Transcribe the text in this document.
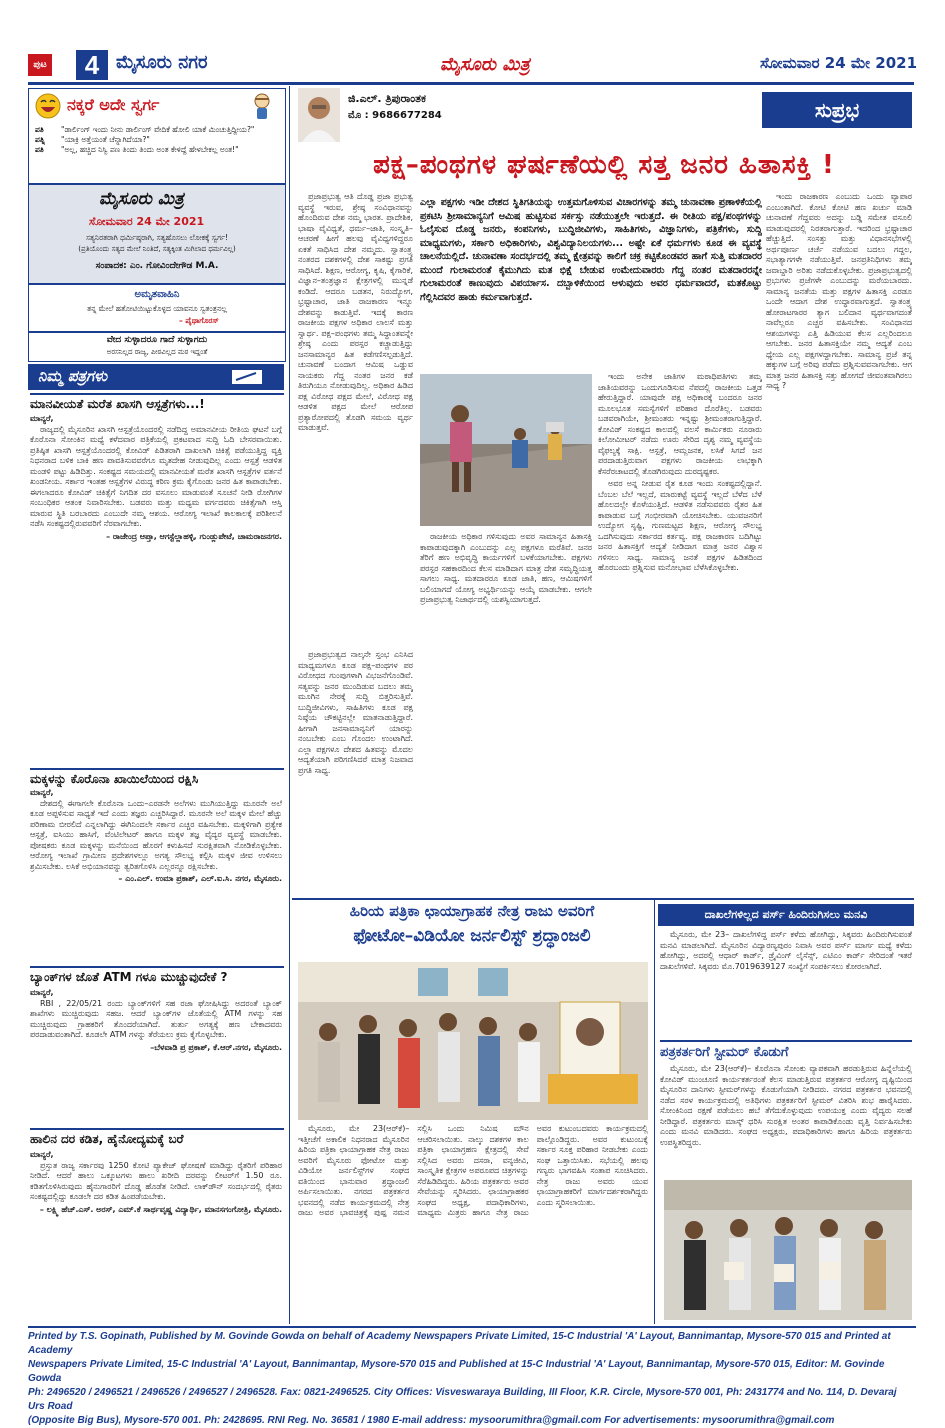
ಪುಟ	4 ಮೈಸೂರು ನಗರ	ಮೈಸೂರು ಮಿತ್ರ	ಸೋಮವಾರ 24 ಮೇ 2021
ನಕ್ಕರೆ ಅದೇ ಸ್ವರ್ಗ
ಪತಿ	"ಡಾರ್ಲಿಂಗ್ ಇಂದು ನೀನು ಡಾರ್ಲಿಂಗ್ ವೇದಿಕೆ ಹೋಲಿ ಯಾಕೆ ಮಿಂಚುತ್ತಿದ್ದೀಯ?"
ಪತ್ನಿ	"ಯಾಕ್ರಿ ಅತ್ತೆಯಂತೆ ಚೆನ್ನಾಗಿದೆಯಾ?"
ಪತಿ	"ಅಲ್ಲ, ಹಚ್ಚಿದ ನಿಸ್ವಿ ಪಣ ತಿಂದು ತಿಂದು ಅಂತ ಕೇಳಿದ್ದೆ ಹೇಳಬೇಕಲ್ಲ ಅಂತ!"
ಮೈಸೂರು ಮಿತ್ರ
ಸೋಮವಾರ 24 ಮೇ 2021
ಸತ್ಯನಿರತರಾಗಿ ಧರ್ಮಿಷ್ಠರಾಗಿ, ಸತ್ಯಹೊಸಲು ಲೋಕಕ್ಕೆ ಸ್ವರ್ಗ!
(ಪ್ರತಿಯೊಂದು ಸತ್ಯದ ಮೇಲೆ ನಿಂತಿದೆ, ಸತ್ಯಕ್ಕಿಂತ ಮಿಗಿಲಾದ ಧರ್ಮವಿಲ್ಲ)
ಸಂಪಾದಕ: ಎಂ. ಗೋವಿಂದೇಗೌಡ M.A.
ಅಮೃತವಾಹಿನಿ
ತನ್ನ ಮೇಲೆ ಹತೋಟಿಯಿಟ್ಟುಕೊಳ್ಳದ ಯಾವನೂ ಸ್ವತಂತ್ರನಲ್ಲ
– ಪೈಥಾಗೊರಸ್
ವೇದ ಸುಳ್ಳಾದರೂ ಗಾದೆ ಸುಳ್ಳಾಗದು
ಅರಸನಿಲ್ಲದ ರಾಜ್ಯ, ಪೀಠವಿಲ್ಲದ ಮಠ ಇದ್ದಂತೆ
ನಿಮ್ಮ ಪತ್ರಗಳು
ಮಾನವೀಯತೆ ಮರೆತ ಖಾಸಗಿ ಆಸ್ಪತ್ರೆಗಳು...!
ಮಾನ್ಯರೆ,

ರಾಜ್ಯದಲ್ಲಿ ಮೈಸೂರಿನ ಖಾಸಗಿ ಆಸ್ಪತ್ರೆಯೊಂದರಲ್ಲಿ ನಡೆದಿದ್ದ ಅಮಾನವೀಯ ರೀತಿಯ ಘಟನೆ ಬಗ್ಗೆ ಕೊರೊನಾ ಸೋಂಕಿನ ಮಧ್ಯೆ ಕಳೆದವಾರ ಪತ್ರಿಕೆಯಲ್ಲಿ ಪ್ರಕಟವಾದ ಸುದ್ದಿ ಓದಿ ಬೇಸರವಾಯಿತು. ಪ್ರತಿಷ್ಠಿತ ಖಾಸಗಿ ಆಸ್ಪತ್ರೆಯೊಂದರಲ್ಲಿ ಕೋವಿಡ್ ಪಿಡಿತರಾಗಿ ದಾಖಲಾಗಿ ಚಿಕಿತ್ಸೆ ಪಡೆಯುತ್ತಿದ್ದ ವ್ಯಕ್ತಿ ನಿಧನರಾದ ಬಳಿಕ ಬಾಕಿ ಹಣ ಪಾವತಿಸುವವರೆಗೂ ಮೃತದೇಹ ನೀಡುವುದಿಲ್ಲ ಎಂದು ಆಸ್ಪತ್ರೆ ಆಡಳಿತ ಮಂಡಳಿ ಪಟ್ಟು ಹಿಡಿದಿತ್ತು. ಸಂಕಷ್ಟದ ಸಮಯದಲ್ಲಿ ಮಾನವೀಯತೆ ಮರೆತ ಖಾಸಗಿ ಆಸ್ಪತ್ರೆಗಳ ವರ್ತನೆ ಖಂಡನೀಯ. ಸರ್ಕಾರ ಇಂತಹ ಆಸ್ಪತ್ರೆಗಳ ವಿರುದ್ಧ ಕಠಿಣ ಕ್ರಮ ಕೈಗೊಂಡು ಜನರ ಹಿತ ಕಾಪಾಡಬೇಕು. ಈಗಲಾದರೂ ಕೋವಿಡ್ ಚಿಕಿತ್ಸೆಗೆ ನಿಗದಿತ ದರ ವಸೂಲು ಮಾಡುವಂತೆ ಸೂಚನೆ ನೀಡಿ ರೋಗಿಗಳ ಸಂಬಂಧಿಕರ ಆತಂಕ ನಿವಾರಿಸಬೇಕು. ಬಡವರು ಮತ್ತು ಮಧ್ಯಮ ವರ್ಗದವರು ಚಿಕಿತ್ಸೆಗಾಗಿ ಆಸ್ತಿ ಮಾರುವ ಸ್ಥಿತಿ ಬರಬಾರದು ಎಂಬುದೇ ನಮ್ಮ ಆಶಯ. ಆರೋಗ್ಯ ಇಲಾಖೆ ಕಾಲಕಾಲಕ್ಕೆ ಪರಿಶೀಲನೆ ನಡೆಸಿ ಸಂಕಷ್ಟದಲ್ಲಿರುವವರಿಗೆ ನೆರವಾಗಬೇಕು.

– ರಾಜೇಂದ್ರ ಆಪ್ತಾ, ಆಗಸ್ಟೆಲ್ಲಾಹಳ್ಳಿ, ಗುಂಡ್ಲುಪೇಟೆ, ಚಾಮರಾಜನಗರ.
ಮಕ್ಕಳನ್ನು ಕೊರೊನಾ ಖಾಯಿಲೆಯಿಂದ ರಕ್ಷಿಸಿ
ಮಾನ್ಯರೆ,

ದೇಶದಲ್ಲಿ ಈಗಾಗಲೇ ಕೊರೊನಾ ಒಂದು–ಎರಡನೇ ಅಲೆಗಳು ಮುಗಿಯುತ್ತಿದ್ದು ಮೂರನೇ ಅಲೆ ಕೂಡ ಅಪ್ಪಳಿಸುವ ಸಾಧ್ಯತೆ ಇದೆ ಎಂದು ತಜ್ಞರು ಎಚ್ಚರಿಸಿದ್ದಾರೆ. ಮೂರನೇ ಅಲೆ ಮಕ್ಕಳ ಮೇಲೆ ಹೆಚ್ಚು ಪರಿಣಾಮ ಬೀರಲಿದೆ ಎನ್ನಲಾಗಿದ್ದು ಈಗಿನಿಂದಲೇ ಸರ್ಕಾರ ಎಚ್ಚರ ವಹಿಸಬೇಕು. ಮಕ್ಕಳಿಗಾಗಿ ಪ್ರತ್ಯೇಕ ಆಸ್ಪತ್ರೆ, ಐಸಿಯು ಹಾಸಿಗೆ, ವೆಂಟಿಲೇಟರ್ ಹಾಗೂ ಮಕ್ಕಳ ತಜ್ಞ ವೈದ್ಯರ ವ್ಯವಸ್ಥೆ ಮಾಡಬೇಕು. ಪೋಷಕರು ಕೂಡ ಮಕ್ಕಳನ್ನು ಮನೆಯಿಂದ ಹೊರಗೆ ಕಳುಹಿಸದೆ ಸುರಕ್ಷಿತವಾಗಿ ನೋಡಿಕೊಳ್ಳಬೇಕು. ಆರೋಗ್ಯ ಇಲಾಖೆ ಗ್ರಾಮೀಣ ಪ್ರದೇಶಗಳಲ್ಲೂ ಅಗತ್ಯ ಸೌಲಭ್ಯ ಕಲ್ಪಿಸಿ ಮಕ್ಕಳ ಜೀವ ಉಳಿಸಲು ಶ್ರಮಿಸಬೇಕು. ಲಸಿಕೆ ಅಭಿಯಾನವನ್ನು ತ್ವರಿತಗೊಳಿಸಿ ಎಲ್ಲರನ್ನೂ ರಕ್ಷಿಸಬೇಕು.

– ಎಂ.ಎಲ್. ಉಮಾ ಪ್ರಕಾಶ್, ಎಲ್.ಐ.ಸಿ. ನಗರ, ಮೈಸೂರು.
ಬ್ಯಾಂಕ್‌ಗಳ ಜೊತೆ ATM ಗಳೂ ಮುಚ್ಚುವುದೇಕೆ ?
ಮಾನ್ಯರೆ,

RBI , 22/05/21 ರಂದು ಬ್ಯಾಂಕ್‌ಗಳಿಗೆ ಸಹ ರಜಾ ಘೋಷಿಸಿದ್ದು ಅದರಂತೆ ಬ್ಯಾಂಕ್ ಶಾಖೆಗಳು ಮುಚ್ಚಿರುವುದು ಸಹಜ. ಆದರೆ ಬ್ಯಾಂಕ್‌ಗಳ ಜೊತೆಯಲ್ಲಿ ATM ಗಳನ್ನು ಸಹ ಮುಚ್ಚಿರುವುದು ಗ್ರಾಹಕರಿಗೆ ತೊಂದರೆಯಾಗಿದೆ. ತುರ್ತು ಅಗತ್ಯಕ್ಕೆ ಹಣ ಬೇಕಾದವರು ಪರದಾಡುವಂತಾಗಿದೆ. ಕೂಡಲೇ ATM ಗಳನ್ನು ತೆರೆಯಲು ಕ್ರಮ ಕೈಗೊಳ್ಳಬೇಕು.

–ಬೆಳವಾಡಿ ಪ್ರ ಪ್ರಕಾಶ್, ಕೆ.ಆರ್.ನಗರ, ಮೈಸೂರು.
ಹಾಲಿನ ದರ ಕಡಿತ, ಹೈನೋದ್ಯಮಕ್ಕೆ ಬರೆ
ಮಾನ್ಯರೆ,

ಪ್ರಸ್ತುತ ರಾಜ್ಯ ಸರ್ಕಾರವು 1250 ಕೋಟಿ ಪ್ಯಾಕೇಜ್ ಘೋಷಣೆ ಮಾಡಿದ್ದು ರೈತರಿಗೆ ಪರಿಹಾರ ನೀಡಿದೆ. ಆದರೆ ಹಾಲು ಒಕ್ಕೂಟಗಳು ಹಾಲು ಖರೀದಿ ದರವನ್ನು ಲೀಟರ್‌ಗೆ 1.50 ರೂ. ಕಡಿತಗೊಳಿಸಿರುವುದು ಹೈನುಗಾರರಿಗೆ ದೊಡ್ಡ ಹೊಡೆತ ನೀಡಿದೆ. ಲಾಕ್‌ಡೌನ್ ಸಂದರ್ಭದಲ್ಲಿ ರೈತರು ಸಂಕಷ್ಟದಲ್ಲಿದ್ದು ಕೂಡಲೇ ದರ ಕಡಿತ ಹಿಂಪಡೆಯಬೇಕು.

– ಲಕ್ಷ್ಮಿ ಹೆಚ್.ಎಸ್. ಅರಸ್, ಎಮ್.ಕೆ ಸಾರ್ಥವೃಷ್ಣ ವಿದ್ಯಾರ್ಥಿ, ಮಾನಸಗಂಗೋತ್ರಿ, ಮೈಸೂರು.
ಜಿ.ಎಲ್. ತ್ರಿಪುರಾಂತಕ
ಮೊ : 9686677284	ಸುಪ್ರಭ
ಪಕ್ಷ–ಪಂಥಗಳ ಘರ್ಷಣೆಯಲ್ಲಿ ಸತ್ತ ಜನರ ಹಿತಾಸಕ್ತಿ !

ಪ್ರಜಾಪ್ರಭುತ್ವ ಆತಿ ದೊಡ್ಡ ಪ್ರಜಾ ಪ್ರಭುತ್ವ ವ್ಯವಸ್ಥೆ ಇರುವ, ಶ್ರೇಷ್ಠ ಸಂವಿಧಾನವನ್ನು ಹೊಂದಿರುವ ದೇಶ ನಮ್ಮ ಭಾರತ. ಪ್ರಾದೇಶಿಕ, ಭಾಷಾ ವೈವಿಧ್ಯತೆ, ಧರ್ಮ–ಜಾತಿ, ಸಂಸ್ಕೃತಿ–ಆಚರಣೆ ಹೀಗೆ ಹಲವು ವೈವಿಧ್ಯಗಳಿದ್ದರೂ ಏಕತೆ ಸಾಧಿಸಿದ ದೇಶ ನಮ್ಮದು. ಸ್ವಾತಂತ್ರ್ಯ ನಂತರದ ದಶಕಗಳಲ್ಲಿ ದೇಶ ಸಾಕಷ್ಟು ಪ್ರಗತಿ ಸಾಧಿಸಿದೆ. ಶಿಕ್ಷಣ, ಆರೋಗ್ಯ, ಕೃಷಿ, ಕೈಗಾರಿಕೆ, ವಿಜ್ಞಾನ–ತಂತ್ರಜ್ಞಾನ ಕ್ಷೇತ್ರಗಳಲ್ಲಿ ಮುನ್ನಡೆ ಕಂಡಿದೆ. ಆದರೂ ಬಡತನ, ನಿರುದ್ಯೋಗ, ಭ್ರಷ್ಟಾಚಾರ, ಜಾತಿ ರಾಜಕಾರಣ ಇನ್ನೂ ದೇಶವನ್ನು ಕಾಡುತ್ತಿವೆ. ಇದಕ್ಕೆ ಕಾರಣ ರಾಜಕೀಯ ಪಕ್ಷಗಳ ಅಧಿಕಾರ ಲಾಲಸೆ ಮತ್ತು ಸ್ವಾರ್ಥ. ಪಕ್ಷ–ಪಂಥಗಳು ತಮ್ಮ ಸಿದ್ಧಾಂತವನ್ನೇ ಶ್ರೇಷ್ಠ ಎಂದು ಪರಸ್ಪರ ಕಚ್ಚಾಡುತ್ತಿದ್ದು ಜನಸಾಮಾನ್ಯರ ಹಿತ ಕಡೆಗಣಿಸಲ್ಪಡುತ್ತಿದೆ. ಚುನಾವಣೆ ಬಂದಾಗ ಆಮಿಷ ಒಡ್ಡುವ ನಾಯಕರು ಗೆದ್ದ ನಂತರ ಜನರ ಕಡೆ ತಿರುಗಿಯೂ ನೋಡುವುದಿಲ್ಲ. ಅಧಿಕಾರ ಹಿಡಿದ ಪಕ್ಷ ವಿರೋಧ ಪಕ್ಷದ ಮೇಲೆ, ವಿರೋಧ ಪಕ್ಷ ಆಡಳಿತ ಪಕ್ಷದ ಮೇಲೆ ಆರೋಪ ಪ್ರತ್ಯಾರೋಪದಲ್ಲಿ ತೊಡಗಿ ಸಮಯ ವ್ಯರ್ಥ ಮಾಡುತ್ತವೆ.

ಎಲ್ಲಾ ಪಕ್ಷಗಳು ಇಡೀ ದೇಶದ ಸ್ಥಿತಿಗತಿಯನ್ನು ಉತ್ತಮಗೊಳಿಸುವ ವಿಚಾರಗಳನ್ನು ತಮ್ಮ ಚುನಾವಣಾ ಪ್ರಣಾಳಿಕೆಯಲ್ಲಿ ಪ್ರಕಟಿಸಿ ಶ್ರೀಸಾಮಾನ್ಯನಿಗೆ ಆಮಿಷ ಹುಟ್ಟಿಸುವ ಸರ್ಕಸ್ಸು ನಡೆಯುತ್ತಲೇ ಇರುತ್ತದೆ. ಈ ರೀತಿಯ ಪಕ್ಷ/ಪಂಥಗಳನ್ನು ಓಲೈಸುವ ದೊಡ್ಡ ಜನರು, ಕಂಪನಿಗಳು, ಬುದ್ಧಿಜೀವಿಗಳು, ಸಾಹಿತಿಗಳು, ವಿಜ್ಞಾನಿಗಳು, ಪತ್ರಿಕೆಗಳು, ಸುದ್ದಿ ಮಾಧ್ಯಮಗಳು, ಸರ್ಕಾರಿ ಅಧಿಕಾರಿಗಳು, ವಿಶ್ವವಿದ್ಯಾನಿಲಯಗಳು... ಅಷ್ಟೇ ಏಕೆ ಧರ್ಮಗಳು ಕೂಡ ಈ ವ್ಯವಸ್ಥೆ ಚಾಲನೆಯಲ್ಲಿದೆ. ಚುನಾವಣಾ ಸಂದರ್ಭದಲ್ಲಿ ತಮ್ಮ ಕ್ಷೇತ್ರವನ್ನು ಕಾಲಿಗೆ ಚಕ್ರ ಕಟ್ಟಿಕೊಂಡವರ ಹಾಗೆ ಸುತ್ತಿ ಮತದಾರರ ಮುಂದೆ ಗುಲಾಮರಂತೆ ಕೈಮುಗಿದು ಮತ ಭಿಕ್ಷೆ ಬೇಡುವ ಉಮೇದುವಾರರು ಗೆದ್ದ ನಂತರ ಮತದಾರರನ್ನೇ ಗುಲಾಮರಂತೆ ಕಾಣುವುದು ವಿಪರ್ಯಾಸ. ದಬ್ಬಾಳಿಕೆಯಿಂದ ಆಳುವುದು ಅವರ ಧರ್ಮವಾದರೆ, ಮತಕೊಟ್ಟು ಗೆಲ್ಲಿಸಿದವರ ಹಾಡು ಕರ್ಮವಾಗುತ್ತದೆ.

ಇಂದು ರಾಜಕಾರಣ ಎಂಬುದು ಒಂದು ವ್ಯಾಪಾರ ಎಂಬಂತಾಗಿದೆ. ಕೋಟಿ ಕೋಟಿ ಹಣ ಖರ್ಚು ಮಾಡಿ ಚುನಾವಣೆ ಗೆದ್ದವರು ಅದನ್ನು ಬಡ್ಡಿ ಸಮೇತ ವಸೂಲಿ ಮಾಡುವುದರಲ್ಲಿ ನಿರತರಾಗುತ್ತಾರೆ. ಇದರಿಂದ ಭ್ರಷ್ಟಾಚಾರ ಹೆಚ್ಚುತ್ತಿದೆ. ಸಂಸತ್ತು ಮತ್ತು ವಿಧಾನಸಭೆಗಳಲ್ಲಿ ಅರ್ಥಪೂರ್ಣ ಚರ್ಚೆ ನಡೆಯುವ ಬದಲು ಗದ್ದಲ, ಸಭಾತ್ಯಾಗಗಳೇ ನಡೆಯುತ್ತಿವೆ. ಜನಪ್ರತಿನಿಧಿಗಳು ತಮ್ಮ ಜವಾಬ್ದಾರಿ ಅರಿತು ನಡೆದುಕೊಳ್ಳಬೇಕು. ಪ್ರಜಾಪ್ರಭುತ್ವದಲ್ಲಿ ಪ್ರಭುಗಳು ಪ್ರಜೆಗಳೇ ಎಂಬುದನ್ನು ಮರೆಯಬಾರದು. ಸಾಮಾನ್ಯ ಜನತೆಯ ಮತ್ತು ಪಕ್ಷಗಳ ಹಿತಾಸಕ್ತಿ ಎರಡೂ ಒಂದೇ ಆದಾಗ ದೇಶ ಉದ್ಧಾರವಾಗುತ್ತದೆ. ಸ್ವಾತಂತ್ರ್ಯ ಹೋರಾಟಗಾರರ ತ್ಯಾಗ ಬಲಿದಾನ ವ್ಯರ್ಥವಾಗದಂತೆ ನಾವೆಲ್ಲರೂ ಎಚ್ಚರ ವಹಿಸಬೇಕು. ಸಂವಿಧಾನದ ಆಶಯಗಳನ್ನು ಎತ್ತಿ ಹಿಡಿಯುವ ಕೆಲಸ ಎಲ್ಲರಿಂದಲೂ ಆಗಬೇಕು. ಜನರ ಹಿತಾಸಕ್ತಿಯೇ ನಮ್ಮ ಆದ್ಯತೆ ಎಂಬ ಧ್ಯೇಯ ಎಲ್ಲ ಪಕ್ಷಗಳದ್ದಾಗಬೇಕು. ಸಾಮಾನ್ಯ ಪ್ರಜೆ ತನ್ನ ಹಕ್ಕುಗಳ ಬಗ್ಗೆ ಅರಿವು ಪಡೆದು ಪ್ರಶ್ನಿಸುವವನಾಗಬೇಕು. ಆಗ ಮಾತ್ರ ಜನರ ಹಿತಾಸಕ್ತಿ ಸತ್ತು ಹೋಗದೆ ಜೀವಂತವಾಗಿರಲು ಸಾಧ್ಯ ?

ಇಂದು ಅನೇಕ ಜಾತಿಗಳ ಮಠಾಧಿಪತಿಗಳು ತಮ್ಮ ಜಾತಿಯವರನ್ನು ಒಂದುಗೂಡಿಸುವ ನೆಪದಲ್ಲಿ ರಾಜಕೀಯ ಒತ್ತಡ ಹೇರುತ್ತಿದ್ದಾರೆ. ಯಾವುದೇ ಪಕ್ಷ ಅಧಿಕಾರಕ್ಕೆ ಬಂದರೂ ಜನರ ಮೂಲಭೂತ ಸಮಸ್ಯೆಗಳಿಗೆ ಪರಿಹಾರ ದೊರೆತಿಲ್ಲ. ಬಡವರು ಬಡವರಾಗಿಯೇ, ಶ್ರೀಮಂತರು ಇನ್ನಷ್ಟು ಶ್ರೀಮಂತರಾಗುತ್ತಿದ್ದಾರೆ. ಕೋವಿಡ್ ಸಂಕಷ್ಟದ ಕಾಲದಲ್ಲಿ ವಲಸೆ ಕಾರ್ಮಿಕರು ನೂರಾರು ಕಿಲೋಮೀಟರ್ ನಡೆದು ಊರು ಸೇರಿದ ದೃಶ್ಯ ನಮ್ಮ ವ್ಯವಸ್ಥೆಯ ವೈಫಲ್ಯಕ್ಕೆ ಸಾಕ್ಷಿ. ಆಸ್ಪತ್ರೆ, ಆಮ್ಲಜನಕ, ಲಸಿಕೆ ಸಿಗದೆ ಜನ ಪರದಾಡುತ್ತಿರುವಾಗ ಪಕ್ಷಗಳು ರಾಜಕೀಯ ಲಾಭಕ್ಕಾಗಿ ಕೆಸರೆರಚಾಟದಲ್ಲಿ ತೊಡಗಿರುವುದು ದುರದೃಷ್ಟಕರ.

ಅವರ ಅನ್ನ ನೀಡುವ ರೈತ ಕೂಡ ಇಂದು ಸಂಕಷ್ಟದಲ್ಲಿದ್ದಾನೆ. ಬೆಂಬಲ ಬೆಲೆ ಇಲ್ಲದೆ, ಮಾರುಕಟ್ಟೆ ವ್ಯವಸ್ಥೆ ಇಲ್ಲದೆ ಬೆಳೆದ ಬೆಳೆ ಹೊಲದಲ್ಲೇ ಕೊಳೆಯುತ್ತಿದೆ. ಆಡಳಿತ ನಡೆಸುವವರು ರೈತರ ಹಿತ ಕಾಪಾಡುವ ಬಗ್ಗೆ ಗಂಭೀರವಾಗಿ ಯೋಚಿಸಬೇಕು. ಯುವಜನರಿಗೆ ಉದ್ಯೋಗ ಸೃಷ್ಟಿ, ಗುಣಮಟ್ಟದ ಶಿಕ್ಷಣ, ಆರೋಗ್ಯ ಸೌಲಭ್ಯ ಒದಗಿಸುವುದು ಸರ್ಕಾರದ ಕರ್ತವ್ಯ. ಪಕ್ಷ ರಾಜಕಾರಣ ಬದಿಗಿಟ್ಟು ಜನರ ಹಿತಾಸಕ್ತಿಗೆ ಆದ್ಯತೆ ನೀಡಿದಾಗ ಮಾತ್ರ ಜನರ ವಿಶ್ವಾಸ ಗಳಿಸಲು ಸಾಧ್ಯ. ಸಾಮಾನ್ಯ ಜನತೆ ಪಕ್ಷಗಳ ಹಿಡಿತದಿಂದ ಹೊರಬಂದು ಪ್ರಶ್ನಿಸುವ ಮನೋಭಾವ ಬೆಳೆಸಿಕೊಳ್ಳಬೇಕು.

ಪ್ರಜಾಪ್ರಭುತ್ವದ ನಾಲ್ಕನೇ ಸ್ತಂಭ ಎನಿಸಿದ ಮಾಧ್ಯಮಗಳೂ ಕೂಡ ಪಕ್ಷ–ಪಂಥಗಳ ಪರ ವಿರೋಧದ ಗುಂಪುಗಳಾಗಿ ವಿಭಜನೆಗೊಂಡಿವೆ. ಸತ್ಯವನ್ನು ಜನರ ಮುಂದಿಡುವ ಬದಲು ತಮ್ಮ ಮೂಗಿನ ನೇರಕ್ಕೆ ಸುದ್ದಿ ಬಿತ್ತರಿಸುತ್ತಿವೆ. ಬುದ್ಧಿಜೀವಿಗಳು, ಸಾಹಿತಿಗಳು ಕೂಡ ಪಕ್ಷ ನಿಷ್ಠೆಯ ಚೌಕಟ್ಟಿನಲ್ಲೇ ಮಾತನಾಡುತ್ತಿದ್ದಾರೆ. ಹೀಗಾಗಿ ಜನಸಾಮಾನ್ಯನಿಗೆ ಯಾರನ್ನು ನಂಬಬೇಕು ಎಂಬ ಗೊಂದಲ ಉಂಟಾಗಿದೆ. ಎಲ್ಲಾ ಪಕ್ಷಗಳೂ ದೇಶದ ಹಿತವನ್ನು ಮೊದಲ ಆದ್ಯತೆಯಾಗಿ ಪರಿಗಣಿಸಿದರೆ ಮಾತ್ರ ನಿಜವಾದ ಪ್ರಗತಿ ಸಾಧ್ಯ.

ರಾಜಕೀಯ ಅಧಿಕಾರ ಗಳಿಸುವುದು ಅವರ ಸಾಮಾನ್ಯನ ಹಿತಾಸಕ್ತಿ ಕಾಪಾಡುವುದಕ್ಕಾಗಿ ಎಂಬುದನ್ನು ಎಲ್ಲ ಪಕ್ಷಗಳೂ ಮರೆತಿವೆ. ಜನರ ತೆರಿಗೆ ಹಣ ಅಭಿವೃದ್ಧಿ ಕಾರ್ಯಗಳಿಗೆ ಬಳಕೆಯಾಗಬೇಕು. ಪಕ್ಷಗಳು ಪರಸ್ಪರ ಸಹಕಾರದಿಂದ ಕೆಲಸ ಮಾಡಿದಾಗ ಮಾತ್ರ ದೇಶ ಸಮೃದ್ಧಿಯತ್ತ ಸಾಗಲು ಸಾಧ್ಯ. ಮತದಾರರೂ ಕೂಡ ಜಾತಿ, ಹಣ, ಆಮಿಷಗಳಿಗೆ ಬಲಿಯಾಗದೆ ಯೋಗ್ಯ ಅಭ್ಯರ್ಥಿಯನ್ನು ಆಯ್ಕೆ ಮಾಡಬೇಕು. ಆಗಲೇ ಪ್ರಜಾಪ್ರಭುತ್ವ ನಿಜಾರ್ಥದಲ್ಲಿ ಯಶಸ್ವಿಯಾಗುತ್ತದೆ.

ಹಿರಿಯ ಪತ್ರಿಕಾ ಛಾಯಾಗ್ರಾಹಕ ನೇತ್ರ ರಾಜು ಅವರಿಗೆ
ಫೋಟೋ–ವಿಡಿಯೋ ಜರ್ನಲಿಸ್ಟ್ ಶ್ರದ್ಧಾಂಜಲಿ

ಮೈಸೂರು, ಮೇ 23(ಆರ್‌ಕೆ)– ಇತ್ತೀಚೆಗೆ ಅಕಾಲಿಕ ನಿಧನರಾದ ಮೈಸೂರಿನ ಹಿರಿಯ ಪತ್ರಿಕಾ ಛಾಯಾಗ್ರಾಹಕ ನೇತ್ರ ರಾಜು ಅವರಿಗೆ ಮೈಸೂರು ಫೋಟೋ ಮತ್ತು ವಿಡಿಯೋ ಜರ್ನಲಿಸ್ಟ್‌ಗಳ ಸಂಘದ ವತಿಯಿಂದ ಭಾನುವಾರ ಶ್ರದ್ಧಾಂಜಲಿ ಅರ್ಪಿಸಲಾಯಿತು. ನಗರದ ಪತ್ರಕರ್ತರ ಭವನದಲ್ಲಿ ನಡೆದ ಕಾರ್ಯಕ್ರಮದಲ್ಲಿ ನೇತ್ರ ರಾಜು ಅವರ ಭಾವಚಿತ್ರಕ್ಕೆ ಪುಷ್ಪ ನಮನ ಸಲ್ಲಿಸಿ ಒಂದು ನಿಮಿಷ ಮೌನ ಆಚರಿಸಲಾಯಿತು. ನಾಲ್ಕು ದಶಕಗಳ ಕಾಲ ಪತ್ರಿಕಾ ಛಾಯಾಗ್ರಹಣ ಕ್ಷೇತ್ರದಲ್ಲಿ ಸೇವೆ ಸಲ್ಲಿಸಿದ ಅವರು ದಸರಾ, ವನ್ಯಜೀವಿ, ಸಾಂಸ್ಕೃತಿಕ ಕ್ಷೇತ್ರಗಳ ಅಪರೂಪದ ಚಿತ್ರಗಳನ್ನು ಸೆರೆಹಿಡಿದಿದ್ದರು. ಹಿರಿಯ ಪತ್ರಕರ್ತರು ಅವರ ಸೇವೆಯನ್ನು ಸ್ಮರಿಸಿದರು. ಛಾಯಾಗ್ರಾಹಕರ ಸಂಘದ ಅಧ್ಯಕ್ಷ, ಪದಾಧಿಕಾರಿಗಳು, ಮಾಧ್ಯಮ ಮಿತ್ರರು ಹಾಗೂ ನೇತ್ರ ರಾಜು ಅವರ ಕುಟುಂಬದವರು ಕಾರ್ಯಕ್ರಮದಲ್ಲಿ ಪಾಲ್ಗೊಂಡಿದ್ದರು. ಅವರ ಕುಟುಂಬಕ್ಕೆ ಸರ್ಕಾರ ಸೂಕ್ತ ಪರಿಹಾರ ನೀಡಬೇಕು ಎಂದು ಸಂಘ ಒತ್ತಾಯಿಸಿತು. ಸಭೆಯಲ್ಲಿ ಹಲವು ಗಣ್ಯರು ಭಾಗವಹಿಸಿ ಸಂತಾಪ ಸೂಚಿಸಿದರು. ನೇತ್ರ ರಾಜು ಅವರು ಯುವ ಛಾಯಾಗ್ರಾಹಕರಿಗೆ ಮಾರ್ಗದರ್ಶಕರಾಗಿದ್ದರು ಎಂದು ಸ್ಮರಿಸಲಾಯಿತು.

ದಾಖಲೆಗಳಿಲ್ಲದ ಪರ್ಸ್ ಹಿಂದಿರುಗಿಸಲು ಮನವಿ

ಮೈಸೂರು, ಮೇ 23– ದಾಖಲೆಗಳಿದ್ದ ಪರ್ಸ್ ಕಳೆದು ಹೋಗಿದ್ದು, ಸಿಕ್ಕವರು ಹಿಂದಿರುಗಿಸುವಂತೆ ಮನವಿ ಮಾಡಲಾಗಿದೆ. ಮೈಸೂರಿನ ವಿದ್ಯಾರಣ್ಯಪುರಂ ನಿವಾಸಿ ಅವರ ಪರ್ಸ್ ಮಾರ್ಗ ಮಧ್ಯೆ ಕಳೆದು ಹೋಗಿದ್ದು, ಅದರಲ್ಲಿ ಆಧಾರ್ ಕಾರ್ಡ್, ಡ್ರೈವಿಂಗ್ ಲೈಸೆನ್ಸ್, ಎಟಿಎಂ ಕಾರ್ಡ್ ಸೇರಿದಂತೆ ಇತರೆ ದಾಖಲೆಗಳಿವೆ. ಸಿಕ್ಕವರು ಮೊ.7019639127 ಸಂಖ್ಯೆಗೆ ಸಂಪರ್ಕಿಸಲು ಕೋರಲಾಗಿದೆ.

ಪತ್ರಕರ್ತರಿಗೆ ಸ್ಟೀಮರ್ ಕೊಡುಗೆ

ಮೈಸೂರು, ಮೇ 23(ಆರ್‌ಕೆ)– ಕೊರೊನಾ ಸೋಂಕು ವ್ಯಾಪಕವಾಗಿ ಹರಡುತ್ತಿರುವ ಹಿನ್ನೆಲೆಯಲ್ಲಿ ಕೋವಿಡ್ ಮುಂಚೂಣಿ ಕಾರ್ಯಕರ್ತರಂತೆ ಕೆಲಸ ಮಾಡುತ್ತಿರುವ ಪತ್ರಕರ್ತರ ಆರೋಗ್ಯ ದೃಷ್ಟಿಯಿಂದ ಮೈಸೂರಿನ ದಾನಿಗಳು ಸ್ಟೀಮರ್‌ಗಳನ್ನು ಕೊಡುಗೆಯಾಗಿ ನೀಡಿದರು. ನಗರದ ಪತ್ರಕರ್ತರ ಭವನದಲ್ಲಿ ನಡೆದ ಸರಳ ಕಾರ್ಯಕ್ರಮದಲ್ಲಿ ಅತಿಥಿಗಳು ಪತ್ರಕರ್ತರಿಗೆ ಸ್ಟೀಮರ್ ವಿತರಿಸಿ ಶುಭ ಹಾರೈಸಿದರು. ಸೋಂಕಿನಿಂದ ರಕ್ಷಣೆ ಪಡೆಯಲು ಹಬೆ ತೆಗೆದುಕೊಳ್ಳುವುದು ಉಪಯುಕ್ತ ಎಂದು ವೈದ್ಯರು ಸಲಹೆ ನೀಡಿದ್ದಾರೆ. ಪತ್ರಕರ್ತರು ಮಾಸ್ಕ್ ಧರಿಸಿ ಸುರಕ್ಷಿತ ಅಂತರ ಕಾಪಾಡಿಕೊಂಡು ವೃತ್ತಿ ನಿರ್ವಹಿಸಬೇಕು ಎಂದು ಮನವಿ ಮಾಡಿದರು. ಸಂಘದ ಅಧ್ಯಕ್ಷರು, ಪದಾಧಿಕಾರಿಗಳು ಹಾಗೂ ಹಿರಿಯ ಪತ್ರಕರ್ತರು ಉಪಸ್ಥಿತರಿದ್ದರು.

Printed by T.S. Gopinath, Published by M. Govinde Gowda on behalf of Academy Newspapers Private Limited, 15-C Industrial 'A' Layout, Bannimantap, Mysore-570 015 and Printed at Academy
Newspapers Private Limited, 15-C Industrial 'A' Layout, Bannimantap, Mysore-570 015 and Published at 15-C Industrial 'A' Layout, Bannimantap, Mysore-570 015, Editor: M. Govinde Gowda
Ph: 2496520 / 2496521 / 2496526 / 2496527 / 2496528. Fax: 0821-2496525. City Offices: Visveswaraya Building, III Floor, K.R. Circle, Mysore-570 001, Ph: 2431774 and No. 114, D. Devaraj Urs Road
(Opposite Big Bus), Mysore-570 001. Ph: 2428695. RNI Reg. No. 36581 / 1980 E-mail address: mysoorumithra@gmail.com For advertisements: mysoorumithra@gmail.com
